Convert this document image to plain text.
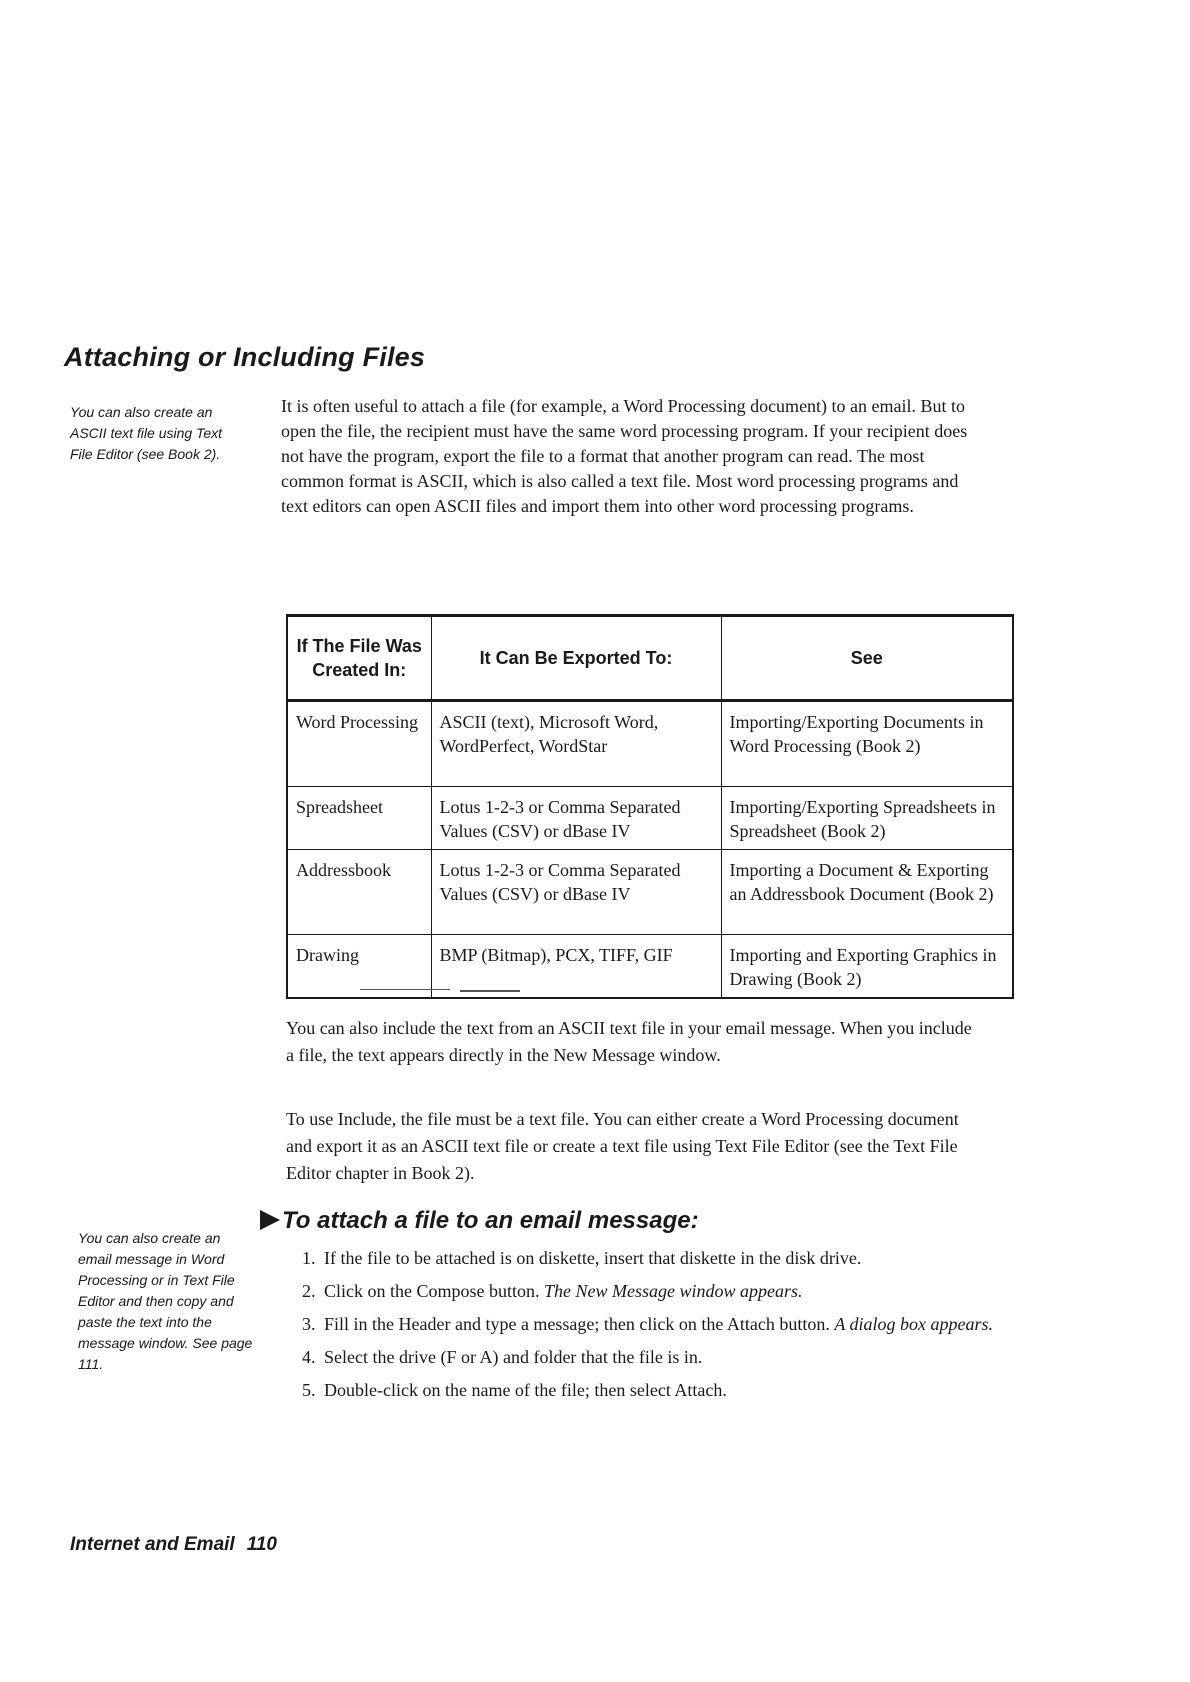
Attaching or Including Files
You can also create an ASCII text file using Text File Editor (see Book 2).

It is often useful to attach a file (for example, a Word Processing document) to an email. But to open the file, the recipient must have the same word processing program. If your recipient does not have the program, export the file to a format that another program can read. The most common format is ASCII, which is also called a text file. Most word processing programs and text editors can open ASCII files and import them into other word processing programs.

If The File Was Created In:	It Can Be Exported To:	See
Word Processing	ASCII (text), Microsoft Word, WordPerfect, WordStar	Importing/Exporting Documents in Word Processing (Book 2)
Spreadsheet	Lotus 1-2-3 or Comma Separated Values (CSV) or dBase IV	Importing/Exporting Spreadsheets in Spreadsheet (Book 2)
Addressbook	Lotus 1-2-3 or Comma Separated Values (CSV) or dBase IV	Importing a Document & Exporting an Addressbook Document (Book 2)
Drawing	BMP (Bitmap), PCX, TIFF, GIF	Importing and Exporting Graphics in Drawing (Book 2)

You can also include the text from an ASCII text file in your email message. When you include a file, the text appears directly in the New Message window.

To use Include, the file must be a text file. You can either create a Word Processing document and export it as an ASCII text file or create a text file using Text File Editor (see the Text File Editor chapter in Book 2).

You can also create an email message in Word Processing or in Text File Editor and then copy and paste the text into the message window. See page 111.
To attach a file to an email message:
1. If the file to be attached is on diskette, insert that diskette in the disk drive.
2. Click on the Compose button. The New Message window appears.
3. Fill in the Header and type a message; then click on the Attach button. A dialog box appears.
4. Select the drive (F or A) and folder that the file is in.
5. Double-click on the name of the file; then select Attach.
Internet and Email 110
